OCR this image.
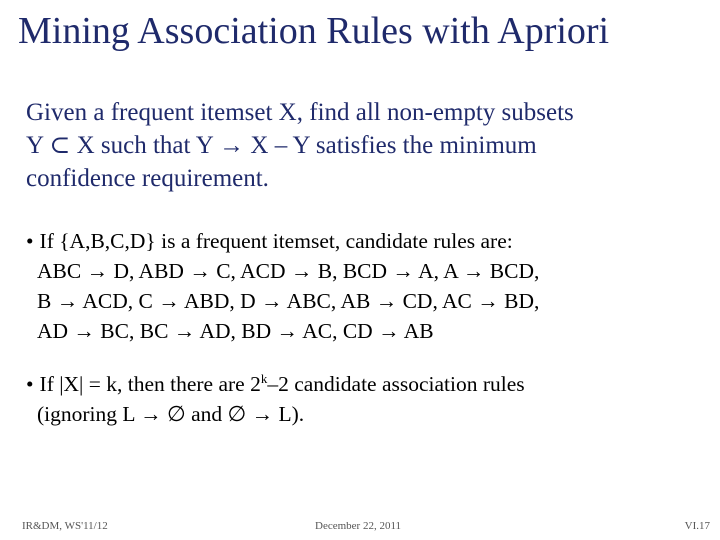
Mining Association Rules with Apriori
Given a frequent itemset X, find all non-empty subsets
Y ⊂ X such that Y → X – Y satisfies the minimum
confidence requirement.
• If {A,B,C,D} is a frequent itemset, candidate rules are:
ABC → D, ABD → C, ACD → B, BCD → A, A → BCD,
B → ACD, C → ABD, D → ABC, AB → CD, AC → BD,
AD → BC, BC → AD, BD → AC, CD → AB
• If |X| = k, then there are 2$^k$–2 candidate association rules
(ignoring L → ∅ and ∅ → L).
IR&DM, WS'11/12	December 22, 2011	VI.17
